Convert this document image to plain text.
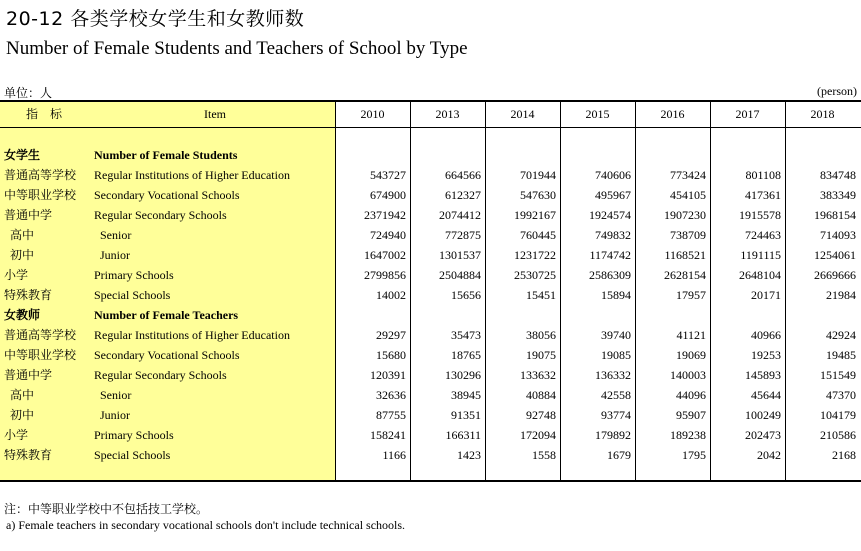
20-12 各类学校女学生和女教师数
Number of Female Students and Teachers of School by Type
单位：人	(person)
指标	Item	2010	2013	2014	2015	2016	2017	2018
女学生	Number of Female Students
普通高等学校 Regular Institutions of Higher Education	543727	664566	701944	740606	773424	801108	834748
中等职业学校 Secondary Vocational Schools	674900	612327	547630	495967	454105	417361	383349
普通中学	Regular Secondary Schools	2371942	2074412	1992167	1924574	1907230	1915578	1968154
高中	Senior	724940	772875	760445	749832	738709	724463	714093
初中	Junior	1647002	1301537	1231722	1174742	1168521	1191115	1254061
小学	Primary Schools	2799856	2504884	2530725	2586309	2628154	2648104	2669666
特殊教育	Special Schools	14002	15656	15451	15894	17957	20171	21984
女教师	Number of Female Teachers
普通高等学校 Regular Institutions of Higher Education	29297	35473	38056	39740	41121	40966	42924
中等职业学校 Secondary Vocational Schools	15680	18765	19075	19085	19069	19253	19485
普通中学	Regular Secondary Schools	120391	130296	133632	136332	140003	145893	151549
高中	Senior	32636	38945	40884	42558	44096	45644	47370
初中	Junior	87755	91351	92748	93774	95907	100249	104179
小学	Primary Schools	158241	166311	172094	179892	189238	202473	210586
特殊教育	Special Schools	1166	1423	1558	1679	1795	2042	2168
注：中等职业学校中不包括技工学校。
a) Female teachers in secondary vocational schools don't include technical schools.
